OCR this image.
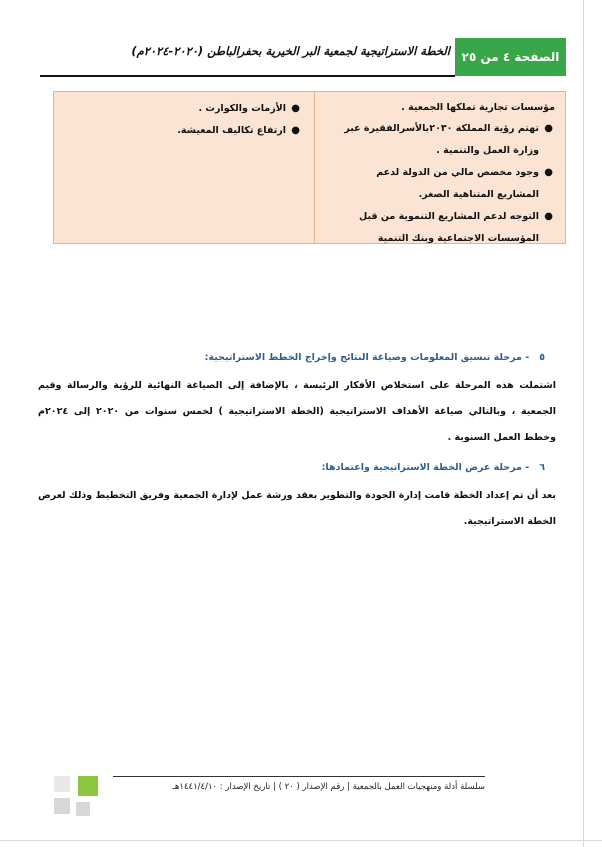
الصفحة ٤ من ٢٥
الخطة الاستراتيجية لجمعية البر الخيرية بحفرالباطن (٢٠٢٠-٢٠٢٤م)

مؤسسات تجارية تملكها الجمعية .

●
تهتم رؤية المملكة ٢٠٣٠بالأسرالفقيرة عبر وزارة العمل والتنمية .
●
وجود مخصص مالي من الدولة لدعم المشاريع المتناهية الصغر.
●
التوجه لدعم المشاريع التنموية من قبل المؤسسات الاجتماعية وبنك التنمية
●
الأزمات والكوارث .
●
ارتفاع تكاليف المعيشة.
٥- مرحلة تنسيق المعلومات وصياغة النتائج وإخراج الخطط الاستراتيجية:
اشتملت هذه المرحلة على استخلاص الأفكار الرئيسة ، بالإضافة إلى الصياغة النهائية للرؤية والرسالة وقيم الجمعية ، وبالتالي صياغة الأهداف الاستراتيجية (الخطة الاستراتيجية ) لخمس سنوات من ٢٠٢٠ إلى ٢٠٢٤م وخطط العمل السنوية .
٦- مرحلة عرض الخطة الاستراتيجية واعتمادها:
بعد أن تم إعداد الخطة قامت إدارة الجودة والتطوير بعقد ورشة عمل لإدارة الجمعية وفريق التخطيط وذلك لعرض الخطة الاستراتيجية.
سلسلة أدلة ومنهجيات العمل بالجمعية | رقم الإصدار ( ٢٠ ) | تاريخ الإصدار : ١٤٤١/٤/١٠هـ
